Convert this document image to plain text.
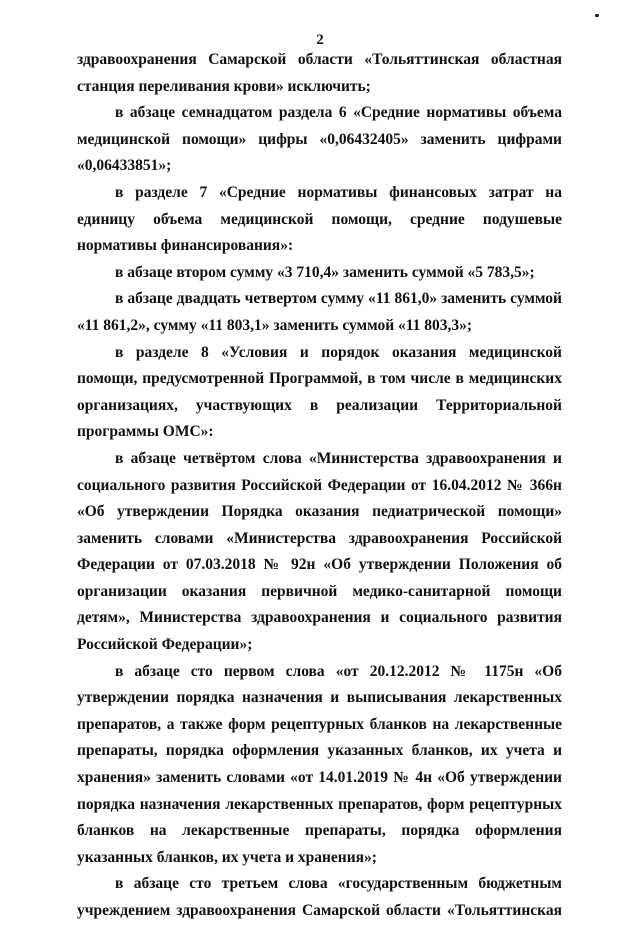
2

здравоохранения Самарской области «Тольяттинская областная станция переливания крови» исключить;

в абзаце семнадцатом раздела 6 «Средние нормативы объема медицинской помощи» цифры «0,06432405» заменить цифрами «0,06433851»;

в разделе 7 «Средние нормативы финансовых затрат на единицу объема медицинской помощи, средние подушевые нормативы финансирования»:

в абзаце втором сумму «3 710,4» заменить суммой «5 783,5»;

в абзаце двадцать четвертом сумму «11 861,0» заменить суммой «11 861,2», сумму «11 803,1» заменить суммой «11 803,3»;

в разделе 8 «Условия и порядок оказания медицинской помощи, предусмотренной Программой, в том числе в медицинских организациях, участвующих в реализации Территориальной программы ОМС»:

в абзаце четвёртом слова «Министерства здравоохранения и социального развития Российской Федерации от 16.04.2012 № 366н «Об утверждении Порядка оказания педиатрической помощи» заменить словами «Министерства здравоохранения Российской Федерации от 07.03.2018 № 92н «Об утверждении Положения об организации оказания первичной медико-санитарной помощи детям», Министерства здравоохранения и социального развития Российской Федерации»;

в абзаце сто первом слова «от 20.12.2012 № 1175н «Об утверждении порядка назначения и выписывания лекарственных препаратов, а также форм рецептурных бланков на лекарственные препараты, порядка оформления указанных бланков, их учета и хранения» заменить словами «от 14.01.2019 № 4н «Об утверждении порядка назначения лекарственных препаратов, форм рецептурных бланков на лекарственные препараты, порядка оформления указанных бланков, их учета и хранения»;

в абзаце сто третьем слова «государственным бюджетным учреждением здравоохранения Самарской области «Тольяттинская
